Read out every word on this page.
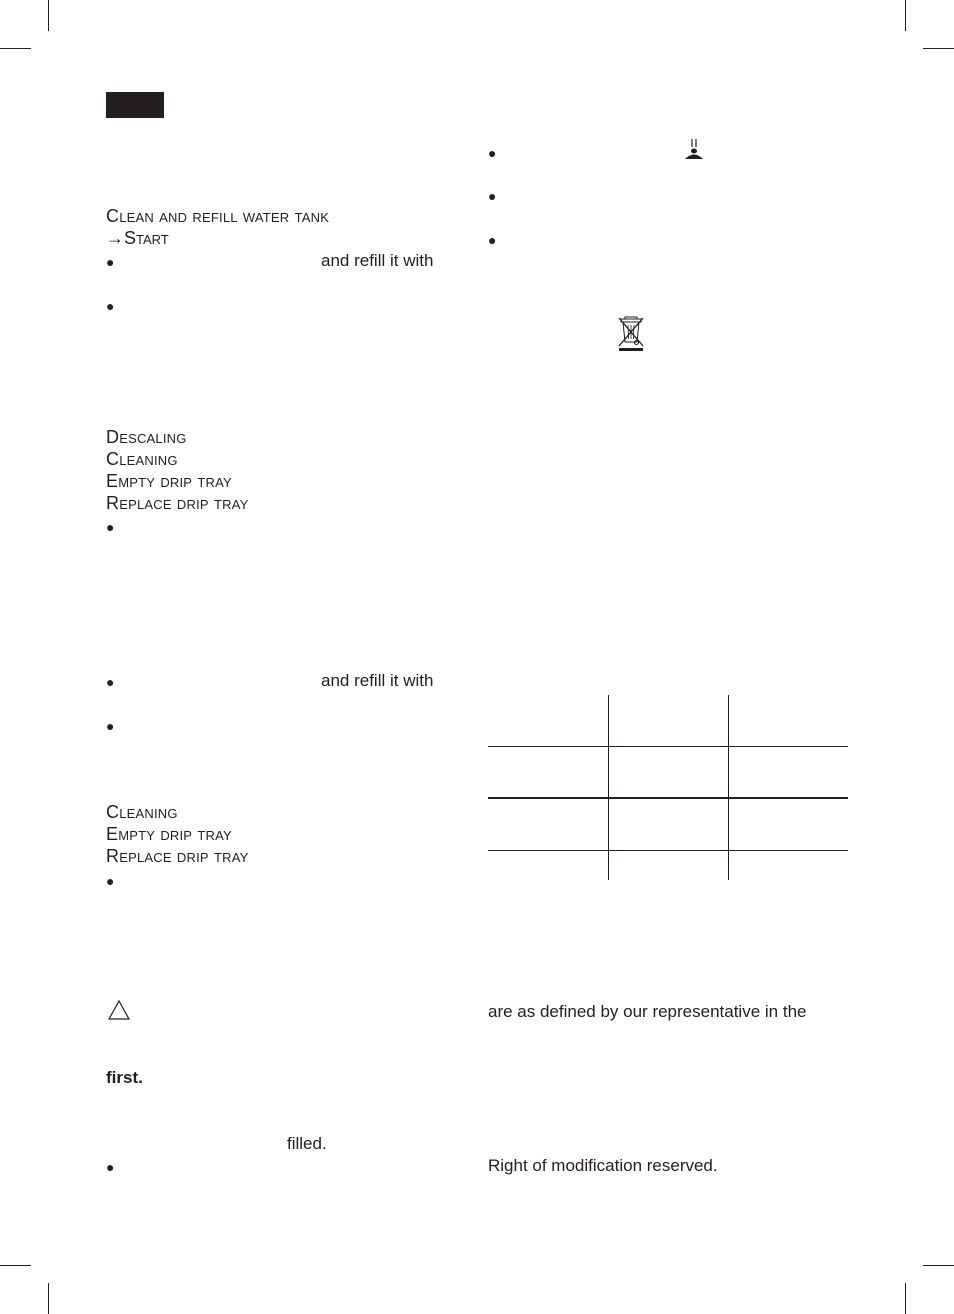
Clean and refill water tank
→Start
●	and refill it with
●
Descaling
Cleaning
Empty drip tray
Replace drip tray
●
●	and refill it with
●
Cleaning
Empty drip tray
Replace drip tray
●
first.
filled.
●
●
●
●
are as defined by our representative in the
Right of modification reserved.
